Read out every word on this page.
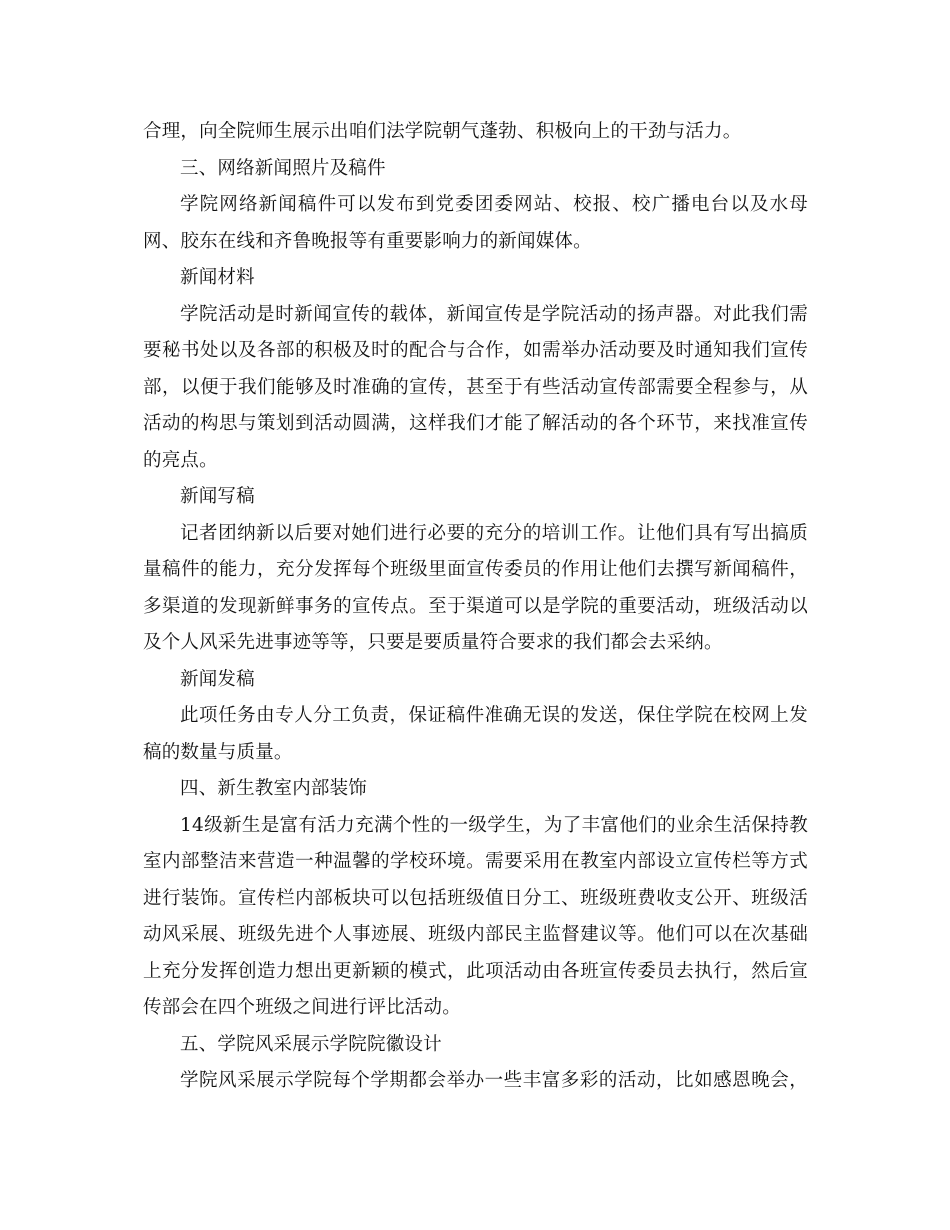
合理，向全院师生展示出咱们法学院朝气蓬勃、积极向上的干劲与活力。
三、网络新闻照片及稿件
学院网络新闻稿件可以发布到党委团委网站、校报、校广播电台以及水母
网、胶东在线和齐鲁晚报等有重要影响力的新闻媒体。
新闻材料
学院活动是时新闻宣传的载体，新闻宣传是学院活动的扬声器。对此我们需
要秘书处以及各部的积极及时的配合与合作，如需举办活动要及时通知我们宣传
部，以便于我们能够及时准确的宣传，甚至于有些活动宣传部需要全程参与，从
活动的构思与策划到活动圆满，这样我们才能了解活动的各个环节，来找准宣传
的亮点。
新闻写稿
记者团纳新以后要对她们进行必要的充分的培训工作。让他们具有写出搞质
量稿件的能力，充分发挥每个班级里面宣传委员的作用让他们去撰写新闻稿件，
多渠道的发现新鲜事务的宣传点。至于渠道可以是学院的重要活动，班级活动以
及个人风采先进事迹等等，只要是要质量符合要求的我们都会去采纳。
新闻发稿
此项任务由专人分工负责，保证稿件准确无误的发送，保住学院在校网上发
稿的数量与质量。
四、新生教室内部装饰
14级新生是富有活力充满个性的一级学生，为了丰富他们的业余生活保持教
室内部整洁来营造一种温馨的学校环境。需要采用在教室内部设立宣传栏等方式
进行装饰。宣传栏内部板块可以包括班级值日分工、班级班费收支公开、班级活
动风采展、班级先进个人事迹展、班级内部民主监督建议等。他们可以在次基础
上充分发挥创造力想出更新颖的模式，此项活动由各班宣传委员去执行，然后宣
传部会在四个班级之间进行评比活动。
五、学院风采展示学院院徽设计
学院风采展示学院每个学期都会举办一些丰富多彩的活动，比如感恩晚会，
